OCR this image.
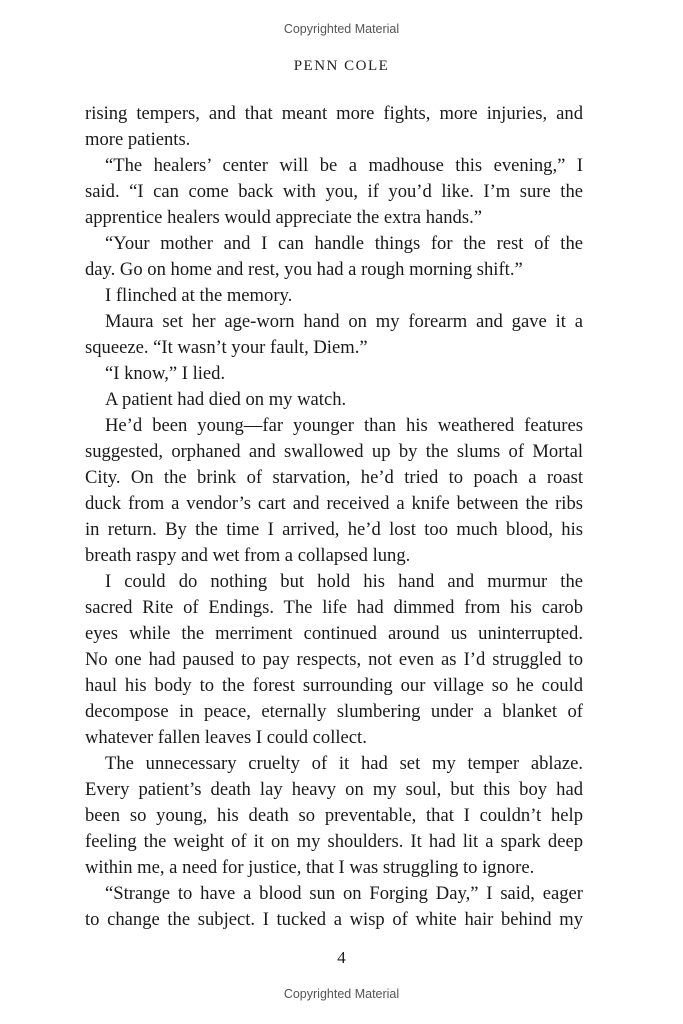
Copyrighted Material
PENN COLE
rising tempers, and that meant more fights, more injuries, and
more patients.
“The healers’ center will be a madhouse this evening,” I
said. “I can come back with you, if you’d like. I’m sure the
apprentice healers would appreciate the extra hands.”
“Your mother and I can handle things for the rest of the
day. Go on home and rest, you had a rough morning shift.”
I flinched at the memory.
Maura set her age-worn hand on my forearm and gave it a
squeeze. “It wasn’t your fault, Diem.”
“I know,” I lied.
A patient had died on my watch.
He’d been young—far younger than his weathered features
suggested, orphaned and swallowed up by the slums of Mortal
City. On the brink of starvation, he’d tried to poach a roast
duck from a vendor’s cart and received a knife between the ribs
in return. By the time I arrived, he’d lost too much blood, his
breath raspy and wet from a collapsed lung.
I could do nothing but hold his hand and murmur the
sacred Rite of Endings. The life had dimmed from his carob
eyes while the merriment continued around us uninterrupted.
No one had paused to pay respects, not even as I’d struggled to
haul his body to the forest surrounding our village so he could
decompose in peace, eternally slumbering under a blanket of
whatever fallen leaves I could collect.
The unnecessary cruelty of it had set my temper ablaze.
Every patient’s death lay heavy on my soul, but this boy had
been so young, his death so preventable, that I couldn’t help
feeling the weight of it on my shoulders. It had lit a spark deep
within me, a need for justice, that I was struggling to ignore.
“Strange to have a blood sun on Forging Day,” I said, eager
to change the subject. I tucked a wisp of white hair behind my
4
Copyrighted Material
